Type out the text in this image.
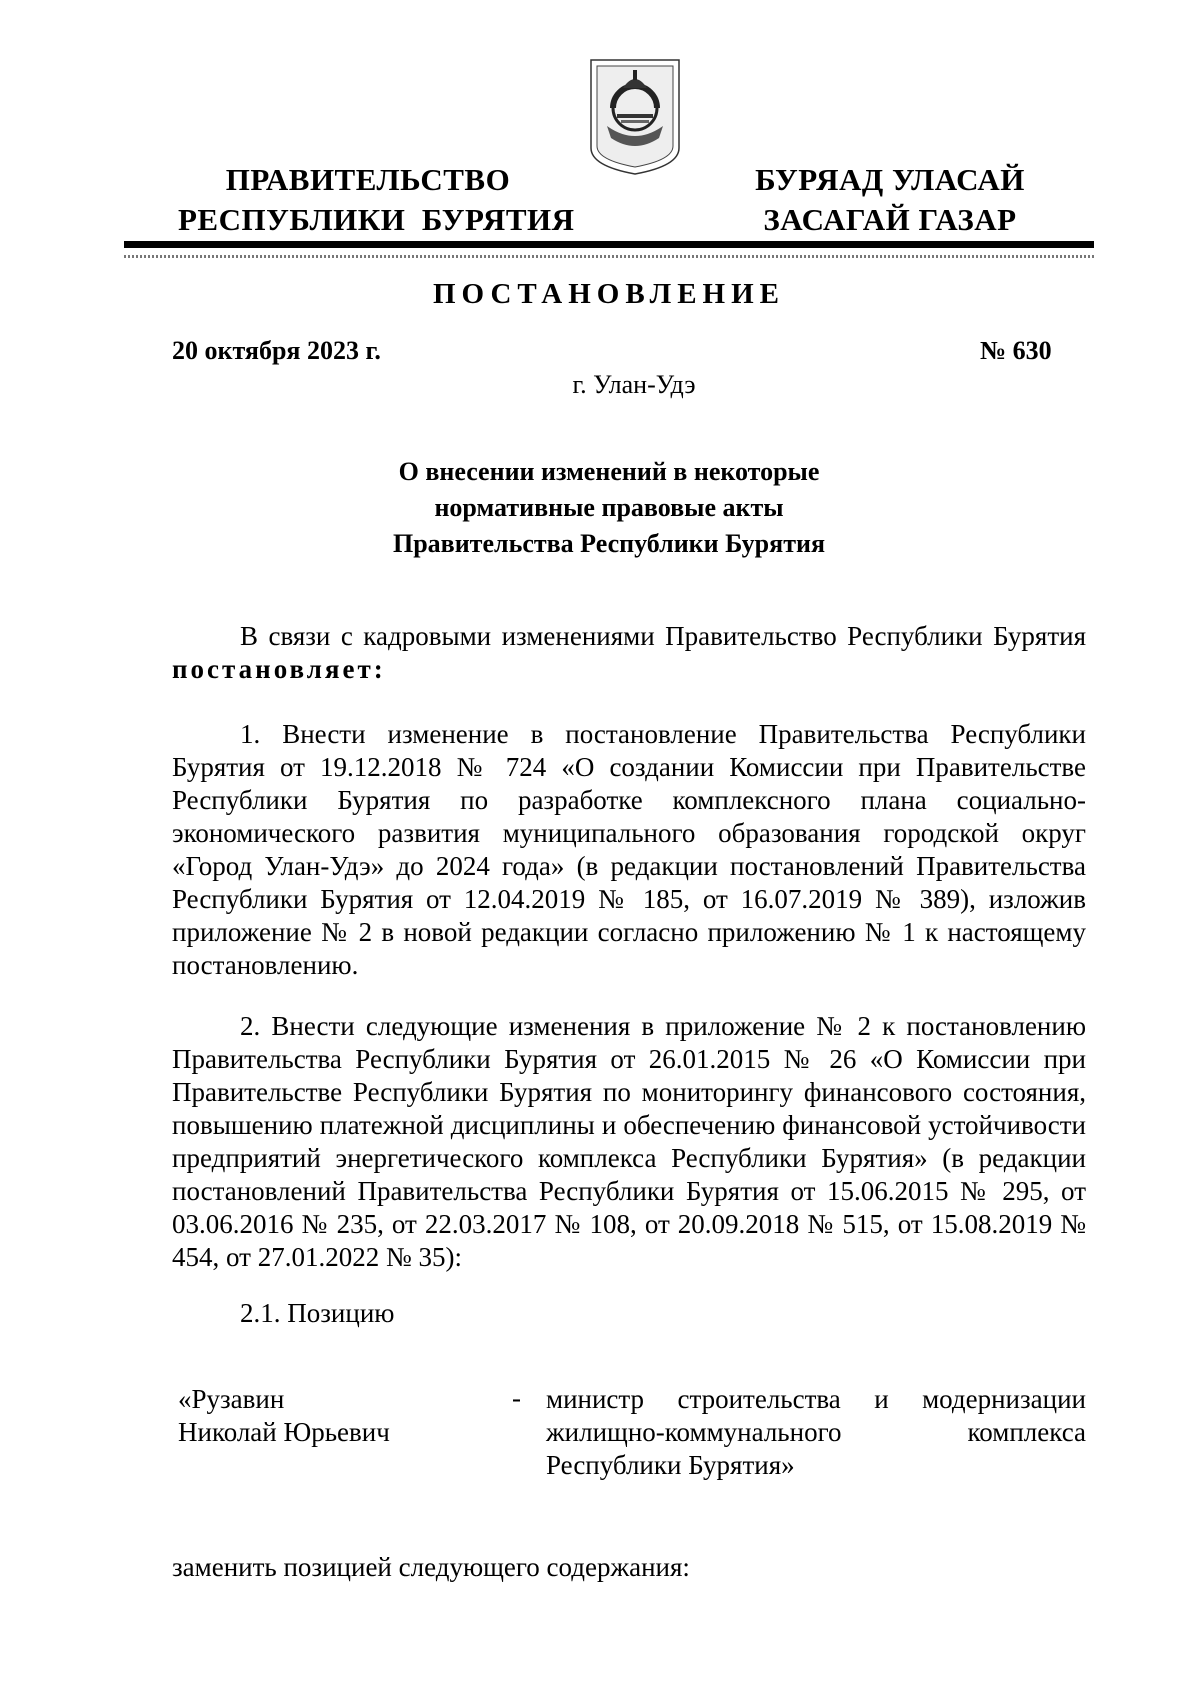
ПРАВИТЕЛЬСТВО
РЕСПУБЛИКИ  БУРЯТИЯ
БУРЯАД УЛАСАЙ
ЗАСАГАЙ ГАЗАР
ПОСТАНОВЛЕНИЕ
20 октября 2023 г.	№ 630
г. Улан-Удэ
О внесении изменений в некоторые
нормативные правовые акты
Правительства Республики Бурятия
В связи с кадровыми изменениями Правительство Республики Бурятия постановляет:
1. Внести изменение в постановление Правительства Республики Бурятия от 19.12.2018 № 724 «О создании Комиссии при Правительстве Республики Бурятия по разработке комплексного плана социально-экономического развития муниципального образования городской округ «Город Улан-Удэ» до 2024 года» (в редакции постановлений Правительства Республики Бурятия от 12.04.2019 № 185, от 16.07.2019 № 389), изложив приложение № 2 в новой редакции согласно приложению № 1 к настоящему постановлению.
2. Внести следующие изменения в приложение № 2 к постановлению Правительства Республики Бурятия от 26.01.2015 № 26 «О Комиссии при Правительстве Республики Бурятия по мониторингу финансового состояния, повышению платежной дисциплины и обеспечению финансовой устойчивости предприятий энергетического комплекса Республики Бурятия» (в редакции постановлений Правительства Республики Бурятия от 15.06.2015 № 295, от 03.06.2016 № 235, от 22.03.2017 № 108, от 20.09.2018 № 515, от 15.08.2019 № 454, от 27.01.2022 № 35):
2.1. Позицию
«Рузавин
Николай Юрьевич
- министр строительства и модернизации жилищно-коммунального комплекса Республики Бурятия»
заменить позицией следующего содержания:
